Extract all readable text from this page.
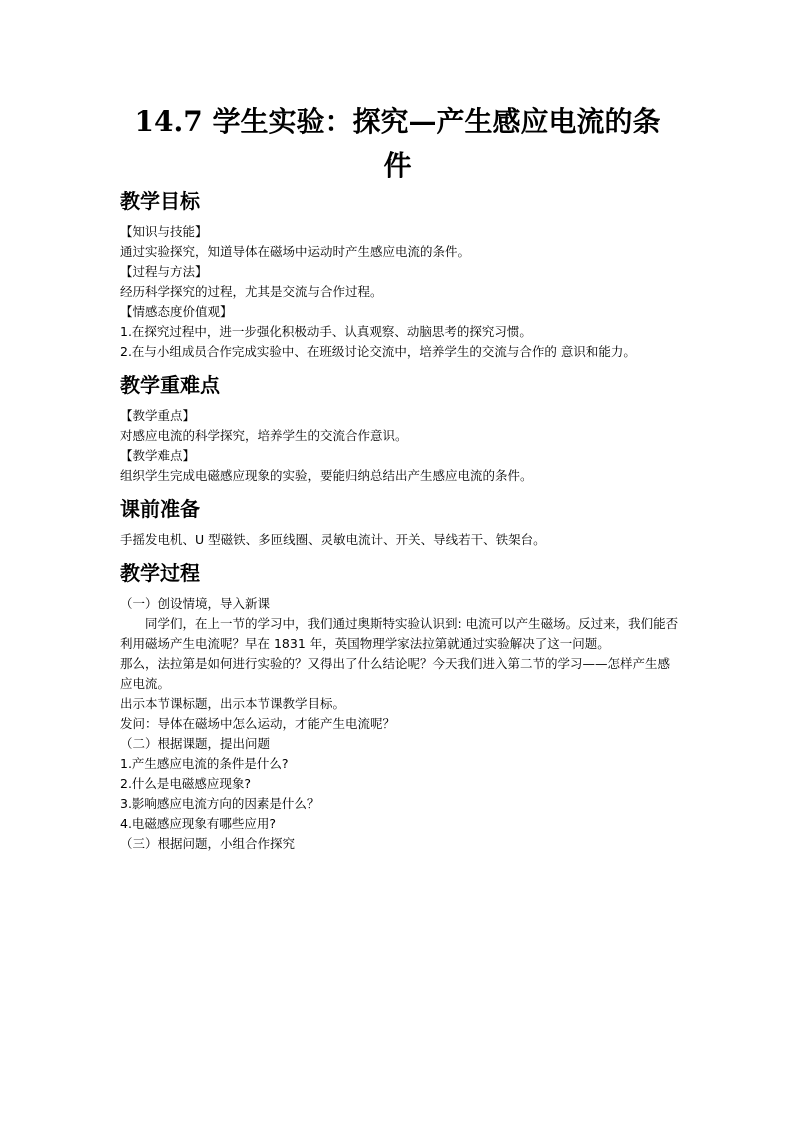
14.7 学生实验：探究—产生感应电流的条
件
教学目标

【知识与技能】

通过实验探究，知道导体在磁场中运动时产生感应电流的条件。

【过程与方法】

经历科学探究的过程，尤其是交流与合作过程。

【情感态度价值观】

1.在探究过程中，进一步强化积极动手、认真观察、动脑思考的探究习惯。

2.在与小组成员合作完成实验中、在班级讨论交流中，培养学生的交流与合作的 意识和能力。

教学重难点

【教学重点】

对感应电流的科学探究，培养学生的交流合作意识。

【教学难点】

组织学生完成电磁感应现象的实验，要能归纳总结出产生感应电流的条件。

课前准备

手摇发电机、U 型磁铁、多匝线圈、灵敏电流计、开关、导线若干、铁架台。

教学过程

（一）创设情境，导入新课

同学们，在上一节的学习中，我们通过奥斯特实验认识到: 电流可以产生磁场。反过来，我们能否利用磁场产生电流呢？早在 1831 年，英国物理学家法拉第就通过实验解决了这一问题。

那么，法拉第是如何进行实验的？又得出了什么结论呢？今天我们进入第二节的学习——怎样产生感应电流。

出示本节课标题，出示本节课教学目标。

发问：导体在磁场中怎么运动，才能产生电流呢？

（二）根据课题，提出问题

1.产生感应电流的条件是什么?

2.什么是电磁感应现象?

3.影响感应电流方向的因素是什么？

4.电磁感应现象有哪些应用?

（三）根据问题，小组合作探究
